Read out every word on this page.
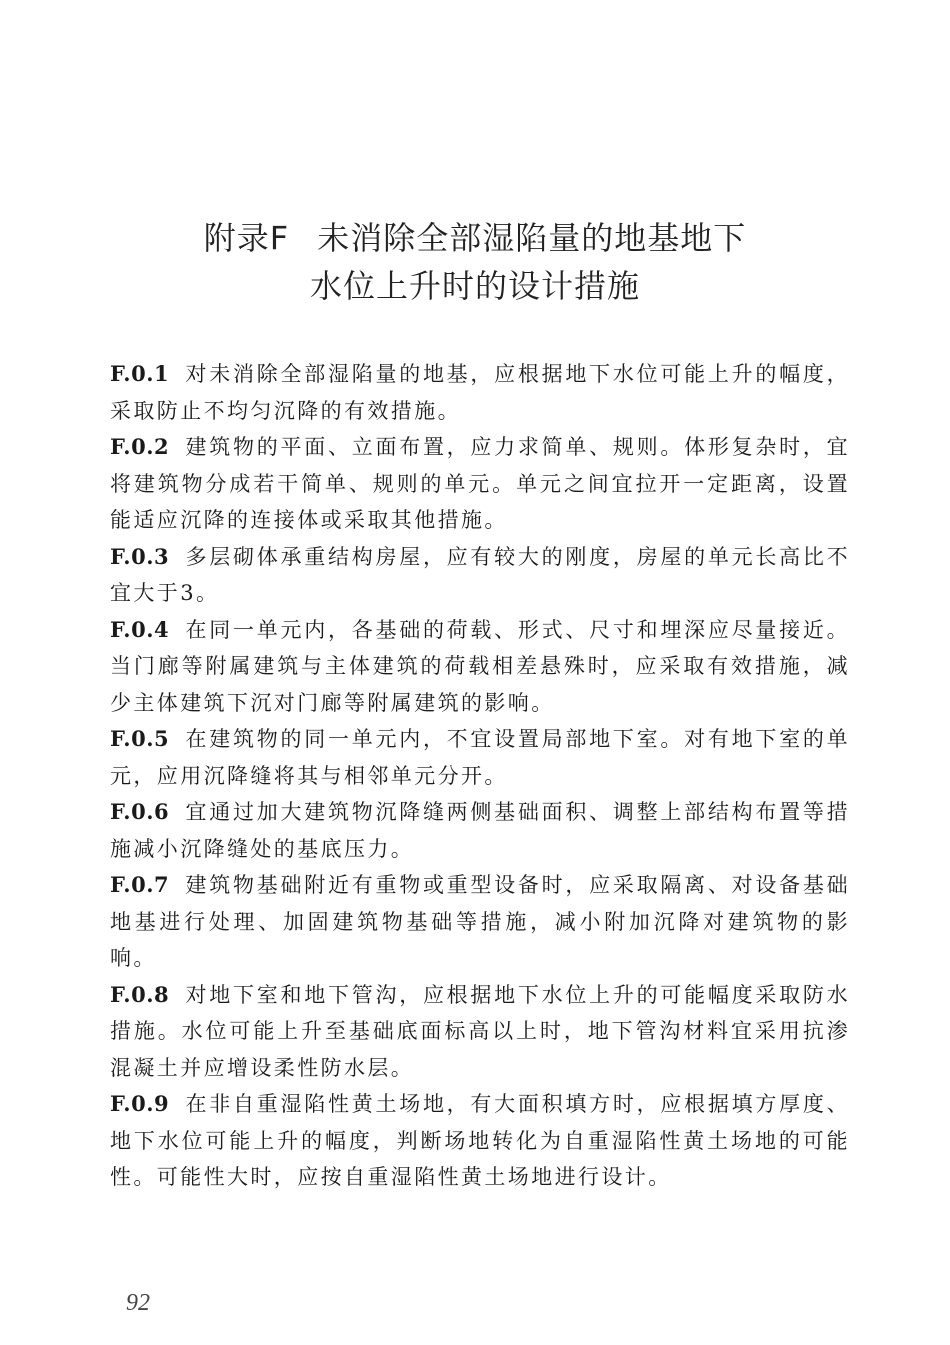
附录F 未消除全部湿陷量的地基地下
水位上升时的设计措施

F.0.1 对未消除全部湿陷量的地基，应根据地下水位可能上升的幅度，采取防止不均匀沉降的有效措施。

F.0.2 建筑物的平面、立面布置，应力求简单、规则。体形复杂时，宜将建筑物分成若干简单、规则的单元。单元之间宜拉开一定距离，设置能适应沉降的连接体或采取其他措施。

F.0.3 多层砌体承重结构房屋，应有较大的刚度，房屋的单元长高比不宜大于3。

F.0.4 在同一单元内，各基础的荷载、形式、尺寸和埋深应尽量接近。当门廊等附属建筑与主体建筑的荷载相差悬殊时，应采取有效措施，减少主体建筑下沉对门廊等附属建筑的影响。

F.0.5 在建筑物的同一单元内，不宜设置局部地下室。对有地下室的单元，应用沉降缝将其与相邻单元分开。

F.0.6 宜通过加大建筑物沉降缝两侧基础面积、调整上部结构布置等措施减小沉降缝处的基底压力。

F.0.7 建筑物基础附近有重物或重型设备时，应采取隔离、对设备基础地基进行处理、加固建筑物基础等措施，减小附加沉降对建筑物的影响。

F.0.8 对地下室和地下管沟，应根据地下水位上升的可能幅度采取防水措施。水位可能上升至基础底面标高以上时，地下管沟材料宜采用抗渗混凝土并应增设柔性防水层。

F.0.9 在非自重湿陷性黄土场地，有大面积填方时，应根据填方厚度、地下水位可能上升的幅度，判断场地转化为自重湿陷性黄土场地的可能性。可能性大时，应按自重湿陷性黄土场地进行设计。

92
